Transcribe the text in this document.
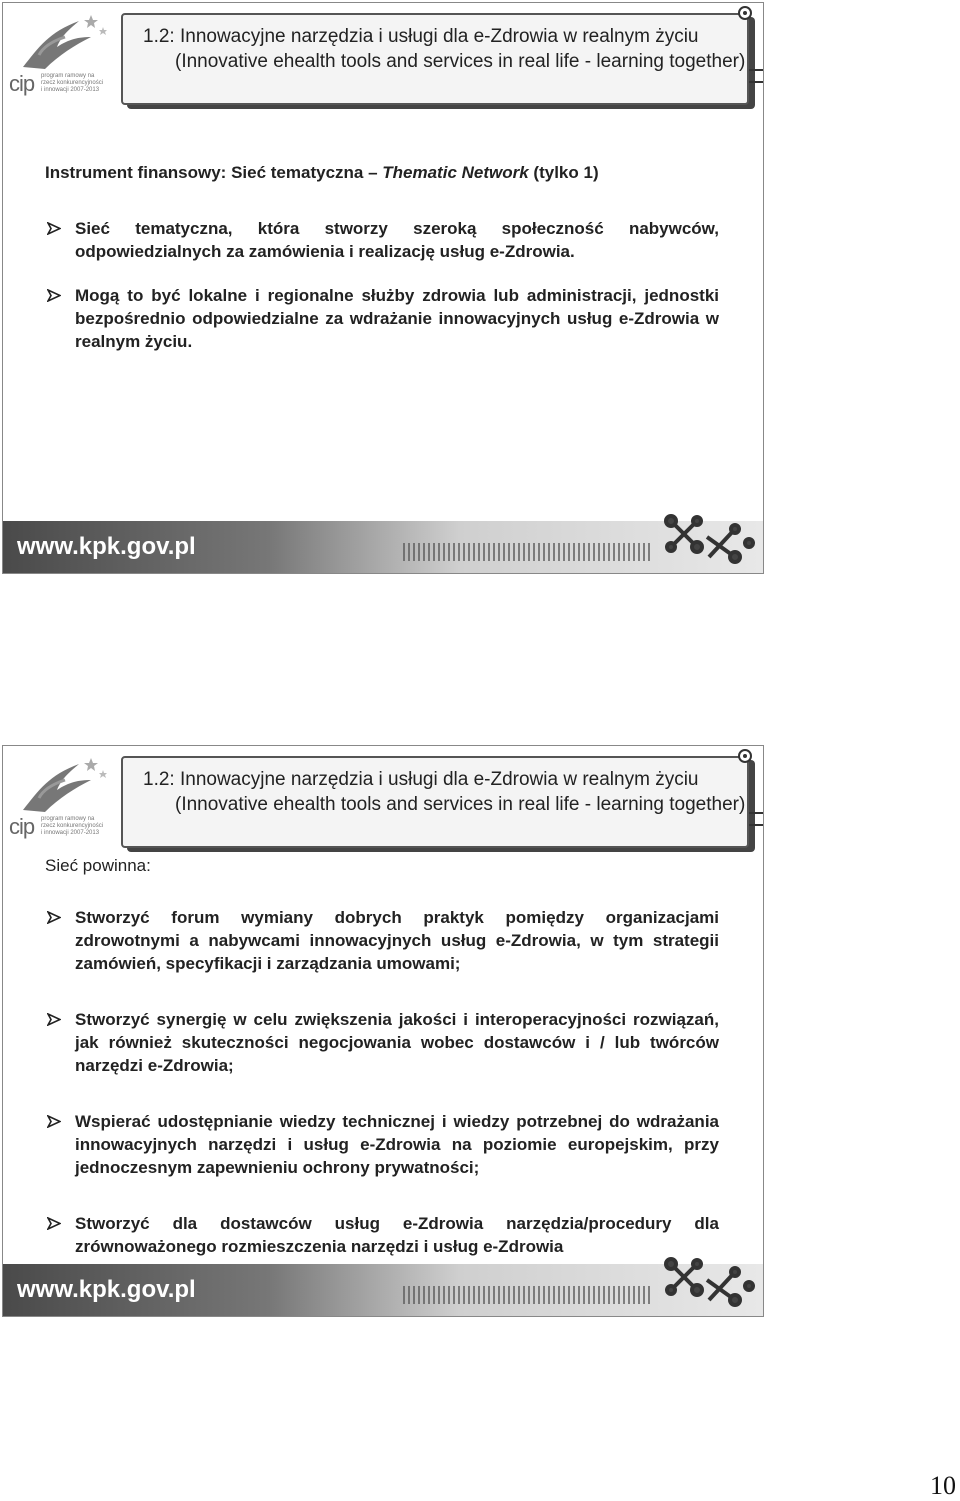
cip program ramowy na rzecz konkurencyjności i innowacji 2007-2013
1.2: Innowacyjne narzędzia i usługi dla e-Zdrowia w realnym życiu (Innovative ehealth tools and services in real life - learning together)
Instrument finansowy: Sieć tematyczna – Thematic Network (tylko 1)
Sieć tematyczna, która stworzy szeroką społeczność nabywców, odpowiedzialnych za zamówienia i realizację usług e-Zdrowia.
Mogą to być lokalne i regionalne służby zdrowia lub administracji, jednostki bezpośrednio odpowiedzialne za wdrażanie innowacyjnych usług e-Zdrowia w realnym życiu.
www.kpk.gov.pl
cip program ramowy na rzecz konkurencyjności i innowacji 2007-2013
1.2: Innowacyjne narzędzia i usługi dla e-Zdrowia w realnym życiu (Innovative ehealth tools and services in real life - learning together)
Sieć powinna:
Stworzyć forum wymiany dobrych praktyk pomiędzy organizacjami zdrowotnymi a nabywcami innowacyjnych usług e-Zdrowia, w tym strategii zamówień, specyfikacji i zarządzania umowami;
Stworzyć synergię w celu zwiększenia jakości i interoperacyjności rozwiązań, jak również skuteczności negocjowania wobec dostawców i / lub twórców narzędzi e-Zdrowia;
Wspierać udostępnianie wiedzy technicznej i wiedzy potrzebnej do wdrażania innowacyjnych narzędzi i usług e-Zdrowia na poziomie europejskim, przy jednoczesnym zapewnieniu ochrony prywatności;
Stworzyć dla dostawców usług e-Zdrowia narzędzia/procedury dla zrównoważonego rozmieszczenia narzędzi i usług e-Zdrowia
www.kpk.gov.pl
10
